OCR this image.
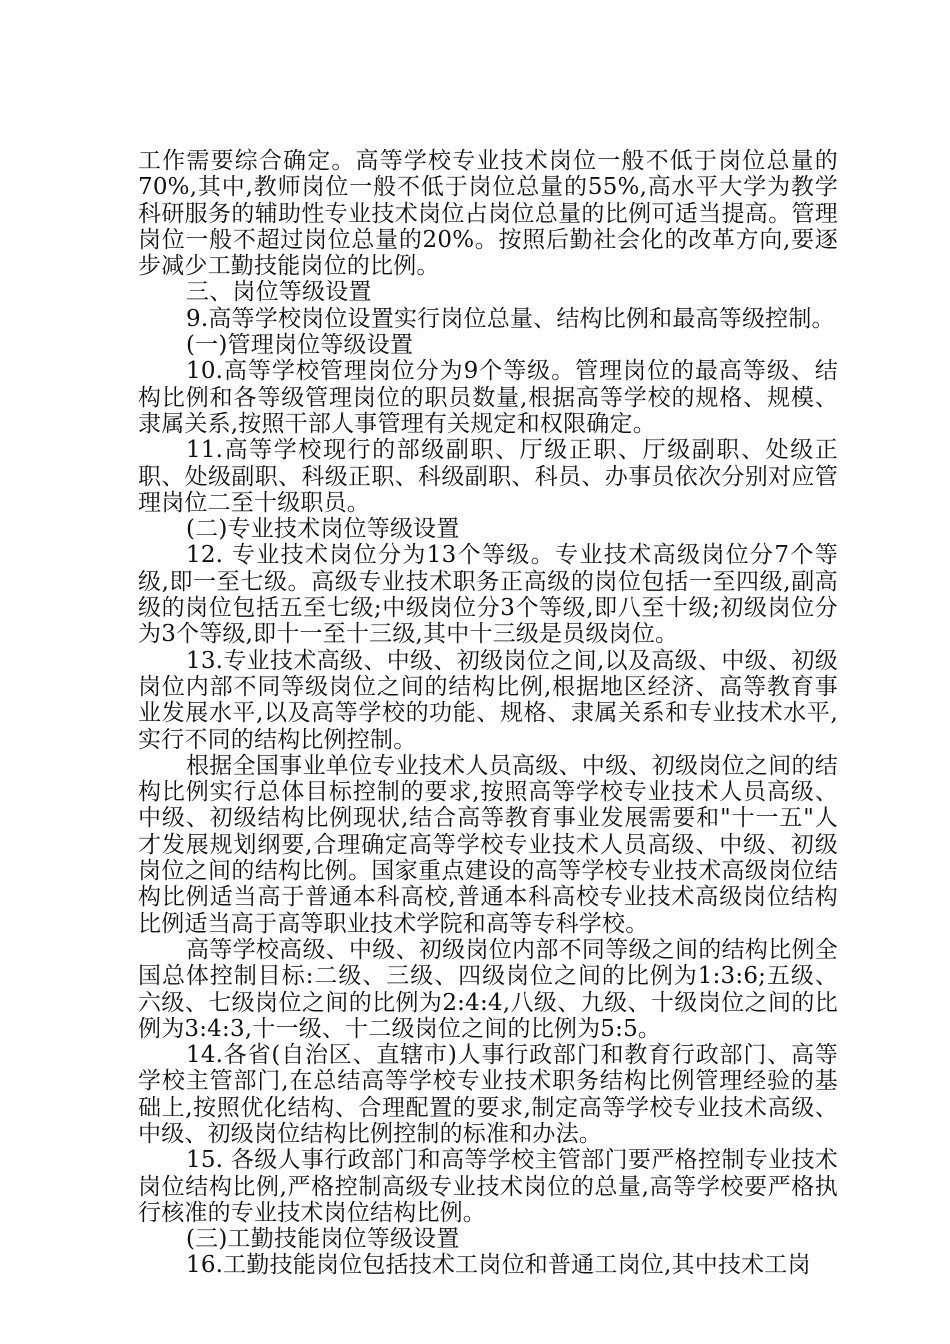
工作需要综合确定。高等学校专业技术岗位一般不低于岗位总量的70%,其中,教师岗位一般不低于岗位总量的55%,高水平大学为教学科研服务的辅助性专业技术岗位占岗位总量的比例可适当提高。管理岗位一般不超过岗位总量的20%。按照后勤社会化的改革方向,要逐步减少工勤技能岗位的比例。

三、岗位等级设置

9.高等学校岗位设置实行岗位总量、结构比例和最高等级控制。

(一)管理岗位等级设置

10.高等学校管理岗位分为9个等级。管理岗位的最高等级、结构比例和各等级管理岗位的职员数量,根据高等学校的规格、规模、隶属关系,按照干部人事管理有关规定和权限确定。

11.高等学校现行的部级副职、厅级正职、厅级副职、处级正职、处级副职、科级正职、科级副职、科员、办事员依次分别对应管理岗位二至十级职员。

(二)专业技术岗位等级设置

12. 专业技术岗位分为13个等级。专业技术高级岗位分7个等级,即一至七级。高级专业技术职务正高级的岗位包括一至四级,副高级的岗位包括五至七级;中级岗位分3个等级,即八至十级;初级岗位分为3个等级,即十一至十三级,其中十三级是员级岗位。

13.专业技术高级、中级、初级岗位之间,以及高级、中级、初级岗位内部不同等级岗位之间的结构比例,根据地区经济、高等教育事业发展水平,以及高等学校的功能、规格、隶属关系和专业技术水平,实行不同的结构比例控制。

根据全国事业单位专业技术人员高级、中级、初级岗位之间的结构比例实行总体目标控制的要求,按照高等学校专业技术人员高级、中级、初级结构比例现状,结合高等教育事业发展需要和"十一五"人才发展规划纲要,合理确定高等学校专业技术人员高级、中级、初级岗位之间的结构比例。国家重点建设的高等学校专业技术高级岗位结构比例适当高于普通本科高校,普通本科高校专业技术高级岗位结构比例适当高于高等职业技术学院和高等专科学校。

高等学校高级、中级、初级岗位内部不同等级之间的结构比例全国总体控制目标:二级、三级、四级岗位之间的比例为1:3:6;五级、六级、七级岗位之间的比例为2:4:4,八级、九级、十级岗位之间的比例为3:4:3,十一级、十二级岗位之间的比例为5:5。

14.各省(自治区、直辖市)人事行政部门和教育行政部门、高等学校主管部门,在总结高等学校专业技术职务结构比例管理经验的基础上,按照优化结构、合理配置的要求,制定高等学校专业技术高级、中级、初级岗位结构比例控制的标准和办法。

15. 各级人事行政部门和高等学校主管部门要严格控制专业技术岗位结构比例,严格控制高级专业技术岗位的总量,高等学校要严格执行核准的专业技术岗位结构比例。

(三)工勤技能岗位等级设置

16.工勤技能岗位包括技术工岗位和普通工岗位,其中技术工岗
